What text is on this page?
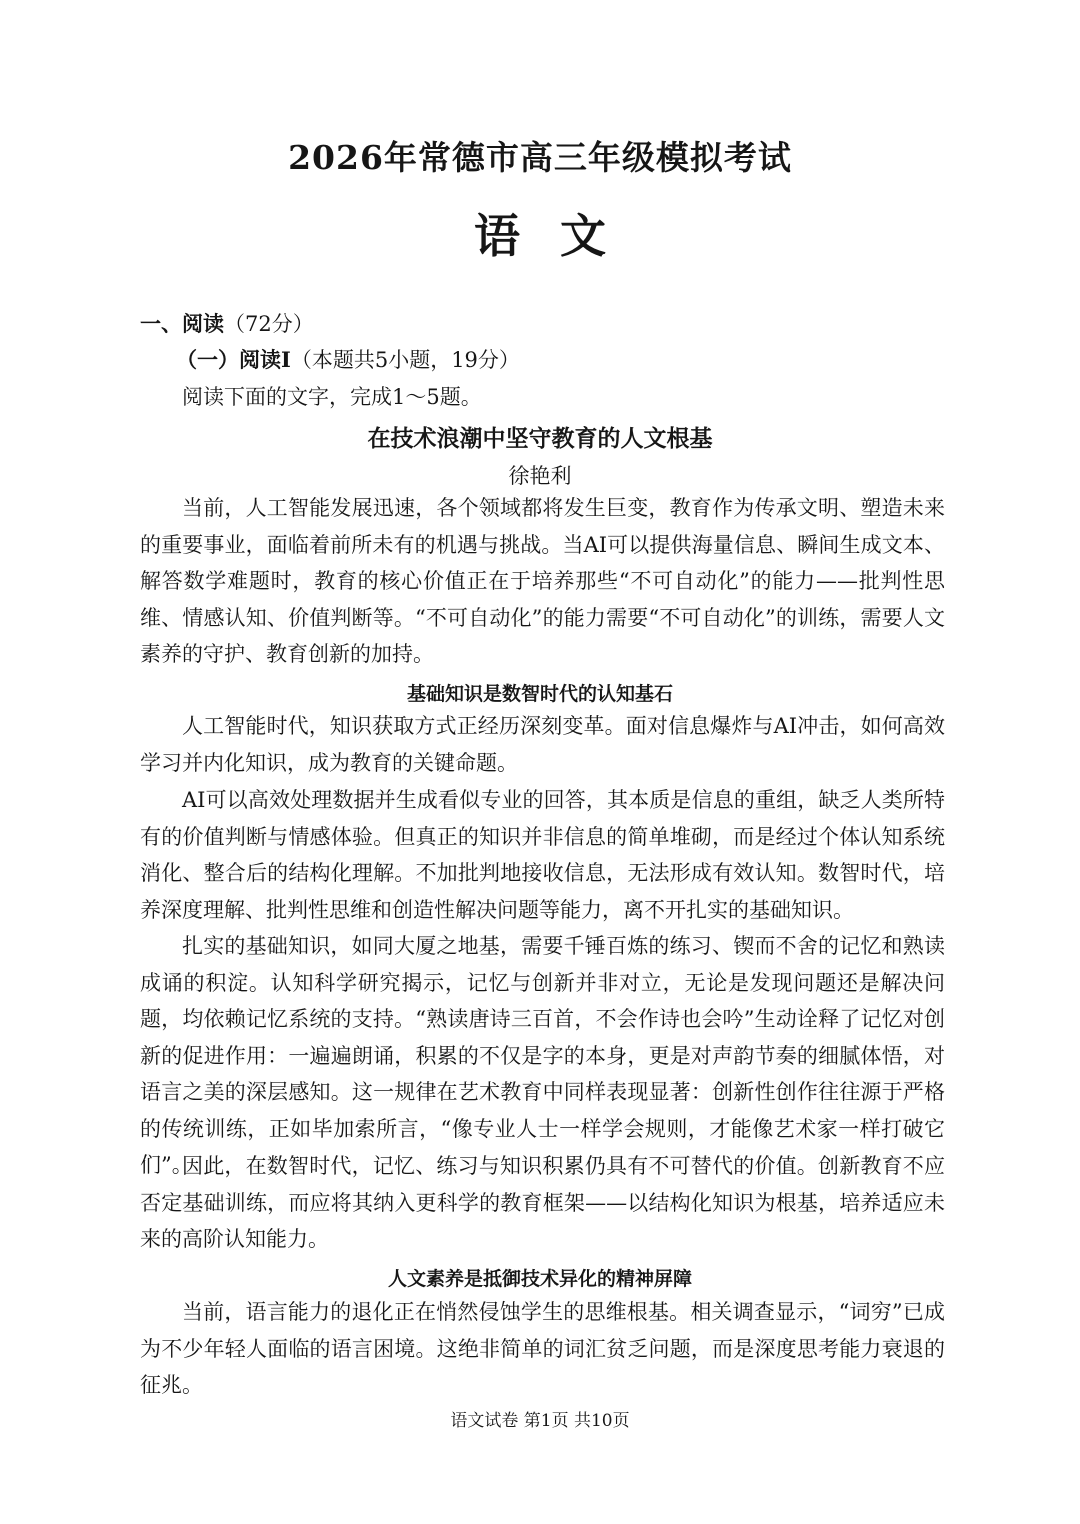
2026年常德市高三年级模拟考试
语文
一、阅读（72分）
（一）阅读Ⅰ（本题共5小题，19分）
阅读下面的文字，完成1～5题。
在技术浪潮中坚守教育的人文根基
徐艳利

当前，人工智能发展迅速，各个领域都将发生巨变，教育作为传承文明、塑造未来的重要事业，面临着前所未有的机遇与挑战。当AI可以提供海量信息、瞬间生成文本、解答数学难题时，教育的核心价值正在于培养那些“不可自动化”的能力——批判性思维、情感认知、价值判断等。“不可自动化”的能力需要“不可自动化”的训练，需要人文素养的守护、教育创新的加持。

基础知识是数智时代的认知基石

人工智能时代，知识获取方式正经历深刻变革。面对信息爆炸与AI冲击，如何高效学习并内化知识，成为教育的关键命题。

AI可以高效处理数据并生成看似专业的回答，其本质是信息的重组，缺乏人类所特有的价值判断与情感体验。但真正的知识并非信息的简单堆砌，而是经过个体认知系统消化、整合后的结构化理解。不加批判地接收信息，无法形成有效认知。数智时代，培养深度理解、批判性思维和创造性解决问题等能力，离不开扎实的基础知识。

扎实的基础知识，如同大厦之地基，需要千锤百炼的练习、锲而不舍的记忆和熟读成诵的积淀。认知科学研究揭示，记忆与创新并非对立，无论是发现问题还是解决问题，均依赖记忆系统的支持。“熟读唐诗三百首，不会作诗也会吟”生动诠释了记忆对创新的促进作用：一遍遍朗诵，积累的不仅是字的本身，更是对声韵节奏的细腻体悟，对语言之美的深层感知。这一规律在艺术教育中同样表现显著：创新性创作往往源于严格的传统训练，正如毕加索所言，“像专业人士一样学会规则，才能像艺术家一样打破它们”。

因此，在数智时代，记忆、练习与知识积累仍具有不可替代的价值。创新教育不应否定基础训练，而应将其纳入更科学的教育框架——以结构化知识为根基，培养适应未来的高阶认知能力。

人文素养是抵御技术异化的精神屏障

当前，语言能力的退化正在悄然侵蚀学生的思维根基。相关调查显示，“词穷”已成为不少年轻人面临的语言困境。这绝非简单的词汇贫乏问题，而是深度思考能力衰退的征兆。

语文试卷 第1页 共10页
